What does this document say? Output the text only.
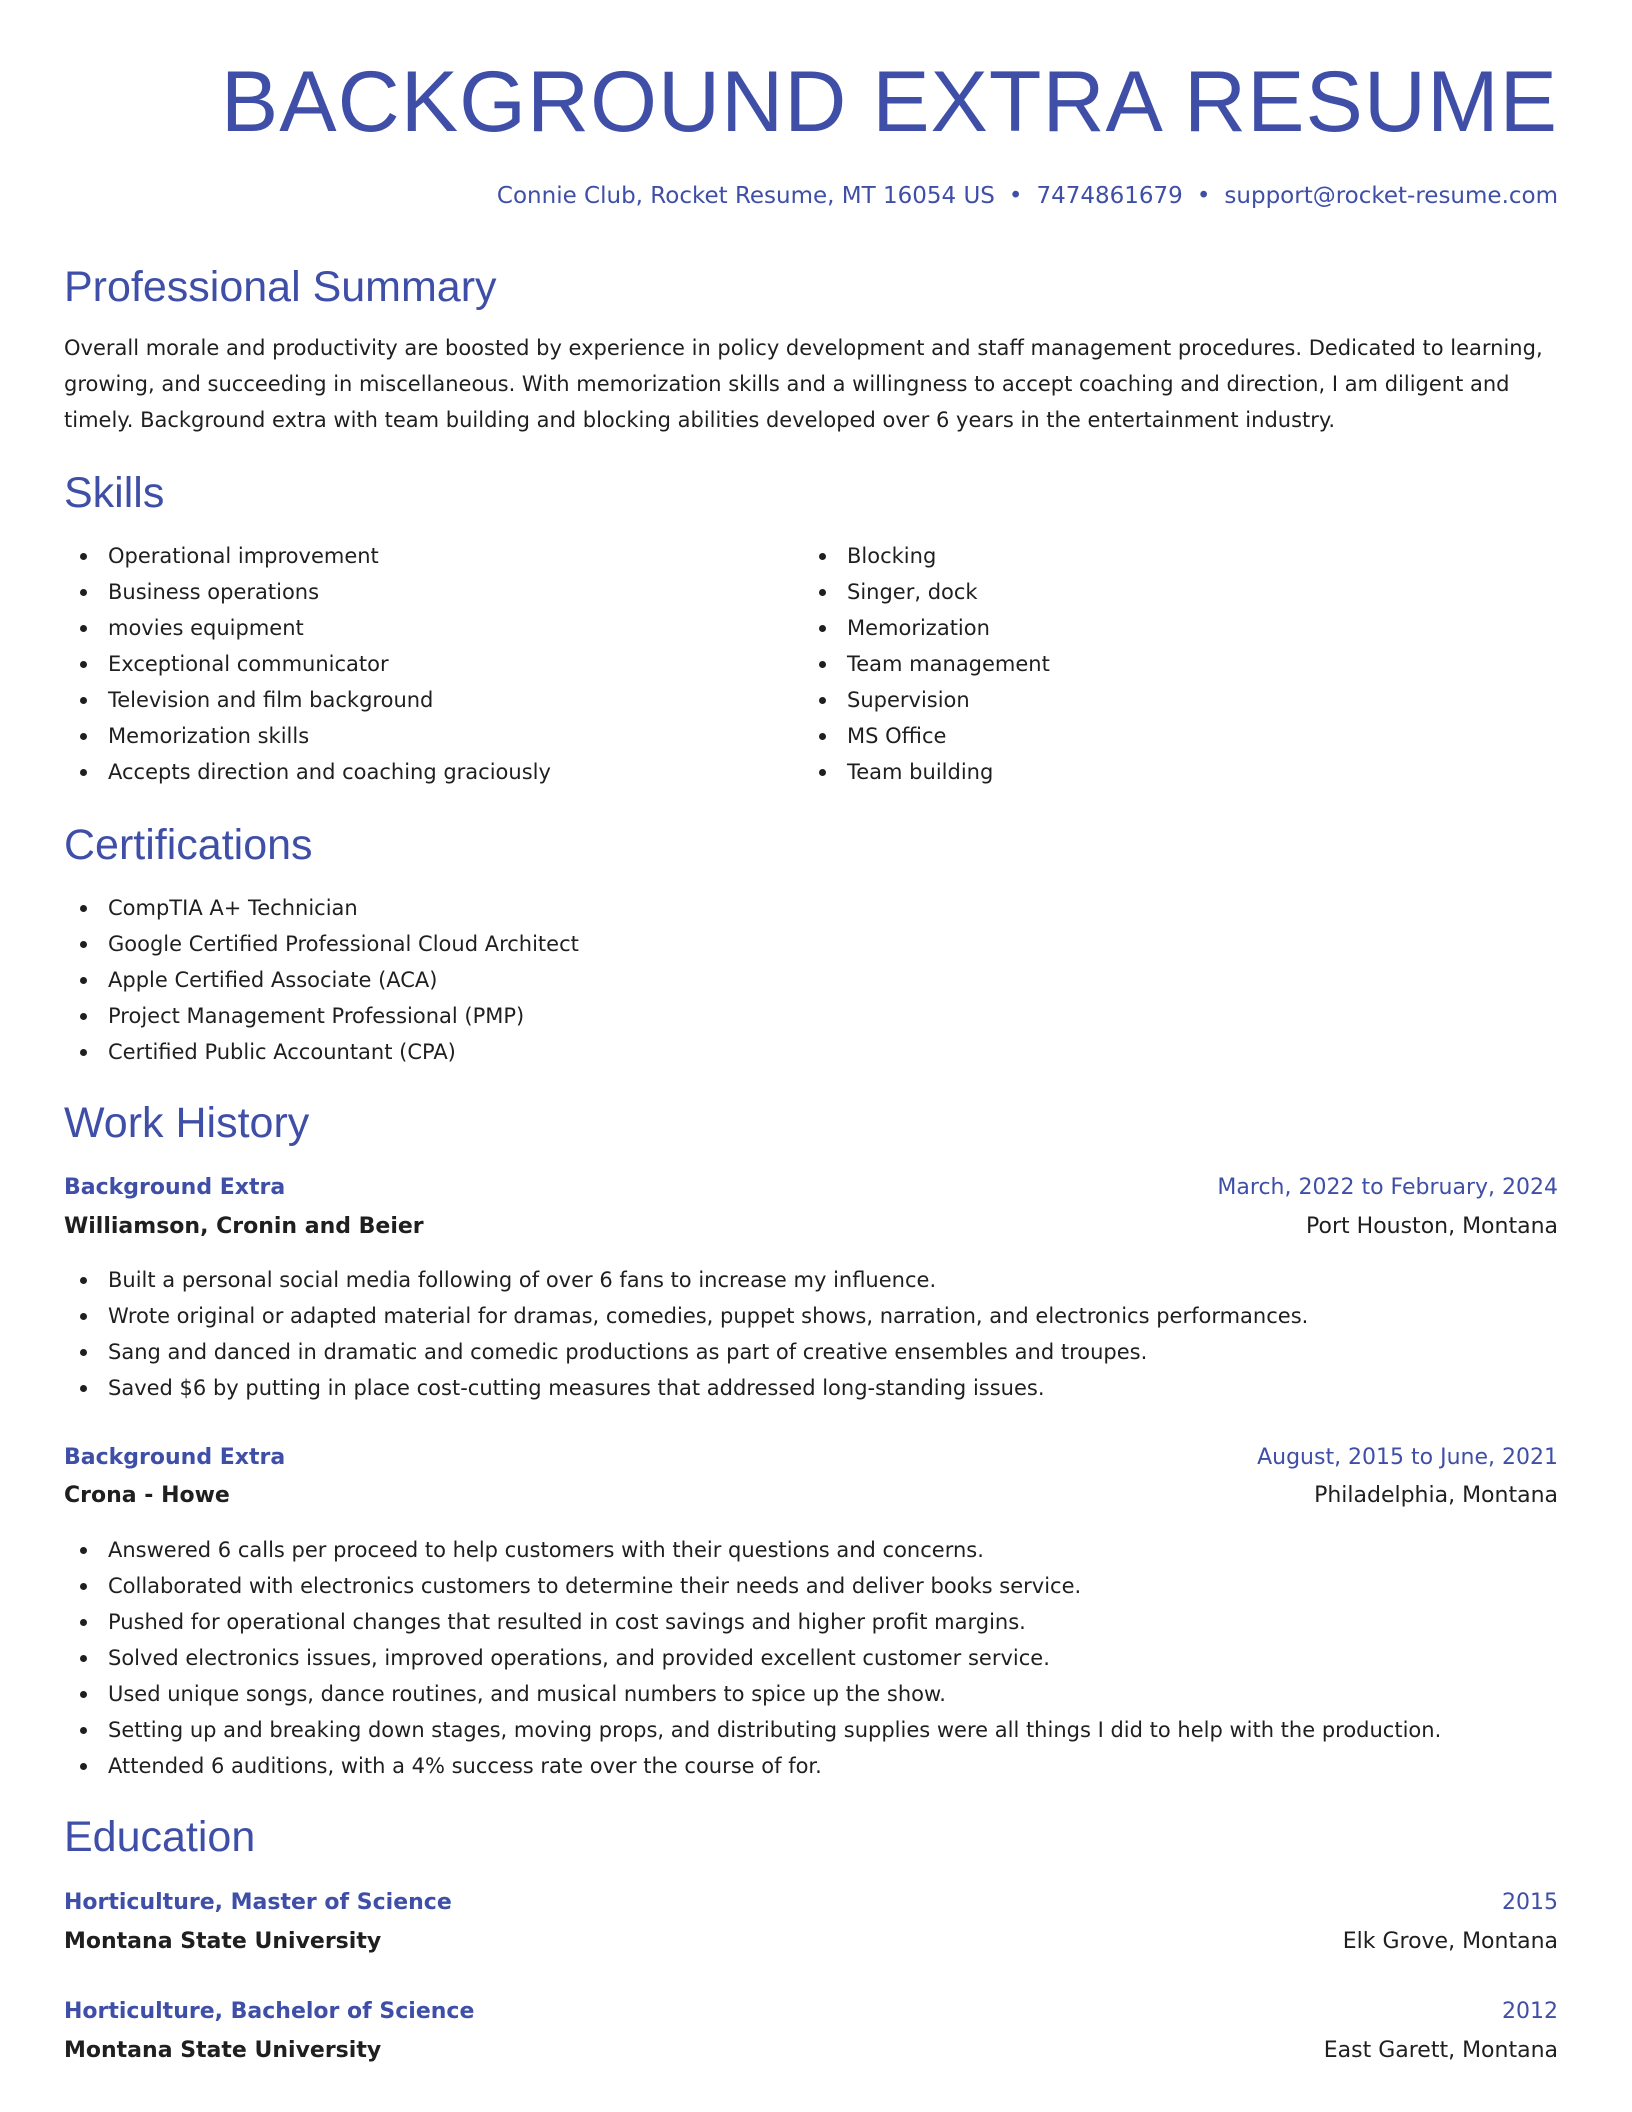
BACKGROUND EXTRA RESUME
Connie Club, Rocket Resume, MT 16054 US • 7474861679 • support@rocket-resume.com
Professional Summary
Overall morale and productivity are boosted by experience in policy development and staff management procedures. Dedicated to learning, growing, and succeeding in miscellaneous. With memorization skills and a willingness to accept coaching and direction, I am diligent and timely. Background extra with team building and blocking abilities developed over 6 years in the entertainment industry.
Skills
Operational improvement
Business operations
movies equipment
Exceptional communicator
Television and film background
Memorization skills
Accepts direction and coaching graciously
Blocking
Singer, dock
Memorization
Team management
Supervision
MS Office
Team building
Certifications
CompTIA A+ Technician
Google Certified Professional Cloud Architect
Apple Certified Associate (ACA)
Project Management Professional (PMP)
Certified Public Accountant (CPA)
Work History
Background Extra	March, 2022 to February, 2024
Williamson, Cronin and Beier	Port Houston, Montana
Built a personal social media following of over 6 fans to increase my influence.
Wrote original or adapted material for dramas, comedies, puppet shows, narration, and electronics performances.
Sang and danced in dramatic and comedic productions as part of creative ensembles and troupes.
Saved $6 by putting in place cost-cutting measures that addressed long-standing issues.
Background Extra	August, 2015 to June, 2021
Crona - Howe	Philadelphia, Montana
Answered 6 calls per proceed to help customers with their questions and concerns.
Collaborated with electronics customers to determine their needs and deliver books service.
Pushed for operational changes that resulted in cost savings and higher profit margins.
Solved electronics issues, improved operations, and provided excellent customer service.
Used unique songs, dance routines, and musical numbers to spice up the show.
Setting up and breaking down stages, moving props, and distributing supplies were all things I did to help with the production.
Attended 6 auditions, with a 4% success rate over the course of for.
Education
Horticulture, Master of Science	2015
Montana State University	Elk Grove, Montana
Horticulture, Bachelor of Science	2012
Montana State University	East Garett, Montana
